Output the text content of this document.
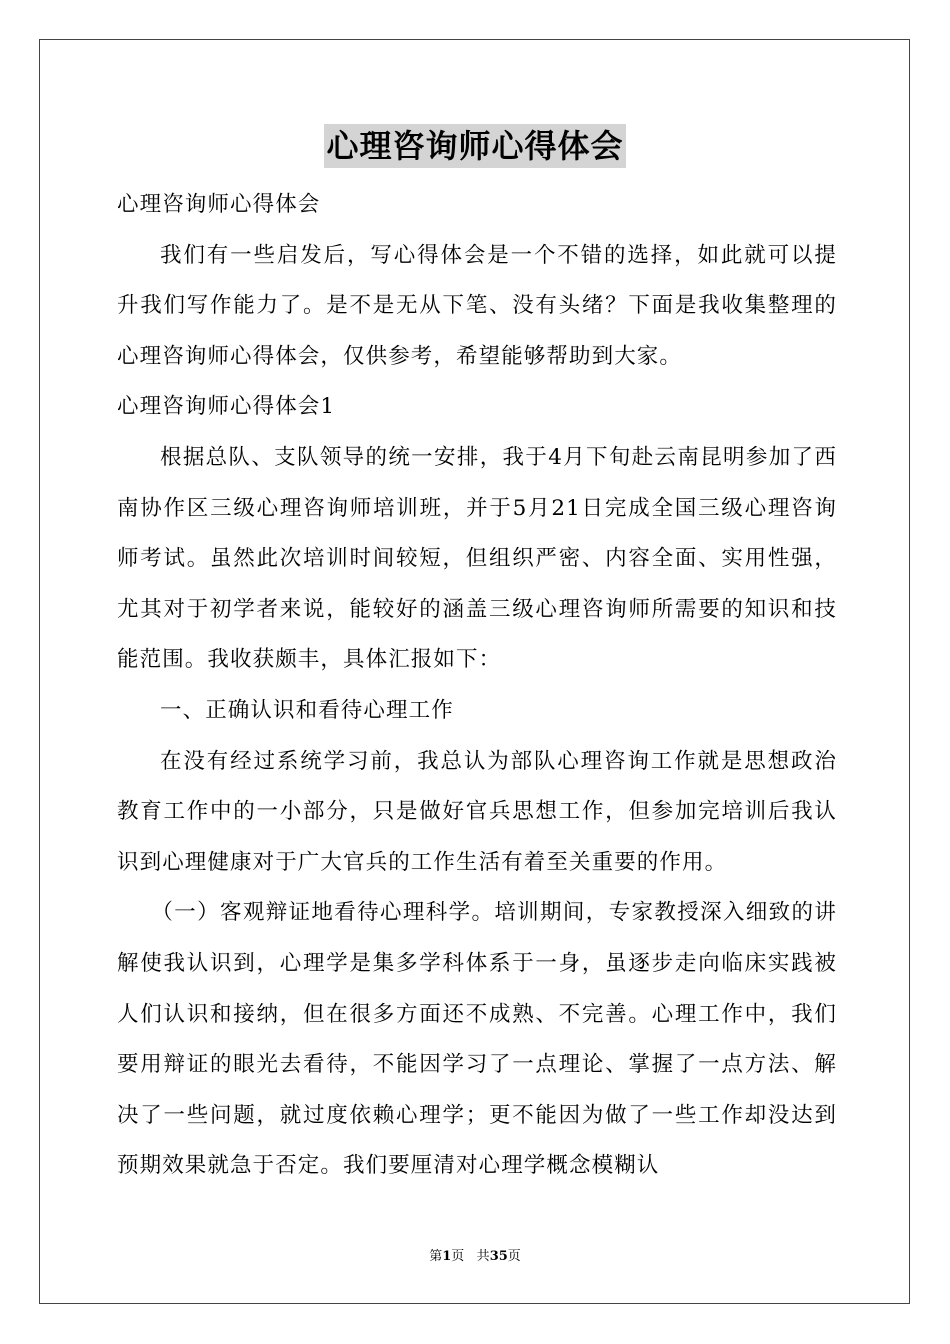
心理咨询师心得体会

心理咨询师心得体会

我们有一些启发后，写心得体会是一个不错的选择，如此就可以提升我们写作能力了。是不是无从下笔、没有头绪？下面是我收集整理的心理咨询师心得体会，仅供参考，希望能够帮助到大家。

心理咨询师心得体会1

根据总队、支队领导的统一安排，我于4月下旬赴云南昆明参加了西南协作区三级心理咨询师培训班，并于5月21日完成全国三级心理咨询师考试。虽然此次培训时间较短，但组织严密、内容全面、实用性强，尤其对于初学者来说，能较好的涵盖三级心理咨询师所需要的知识和技能范围。我收获颇丰，具体汇报如下：

一、正确认识和看待心理工作

在没有经过系统学习前，我总认为部队心理咨询工作就是思想政治教育工作中的一小部分，只是做好官兵思想工作，但参加完培训后我认识到心理健康对于广大官兵的工作生活有着至关重要的作用。

（一）客观辩证地看待心理科学。培训期间，专家教授深入细致的讲解使我认识到，心理学是集多学科体系于一身，虽逐步走向临床实践被人们认识和接纳，但在很多方面还不成熟、不完善。心理工作中，我们要用辩证的眼光去看待，不能因学习了一点理论、掌握了一点方法、解决了一些问题，就过度依赖心理学；更不能因为做了一些工作却没达到预期效果就急于否定。我们要厘清对心理学概念模糊认

第1页 共35页
